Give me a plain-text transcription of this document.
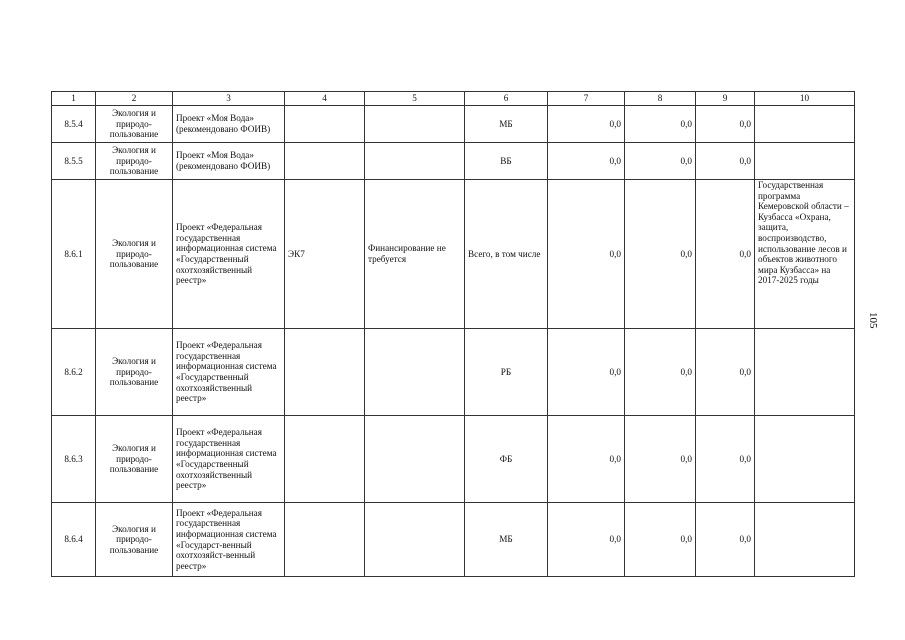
1	2	3	4	5	6	7	8	9	10
8.5.4	Экология и природо-пользование	Проект «Моя Вода» (рекомендовано ФОИВ)			МБ	0,0	0,0	0,0	
8.5.5	Экология и природо-пользование	Проект «Моя Вода» (рекомендовано ФОИВ)			ВБ	0,0	0,0	0,0	
8.6.1	Экология и природо-пользование	Проект «Федеральная государственная информационная система «Государственный охотхозяйственный реестр»	ЭК7	Финансирование не требуется	Всего, в том числе	0,0	0,0	0,0	Государственная программа Кемеровской области – Кузбасса «Охрана, защита, воспроизводство, использование лесов и объектов животного мира Кузбасса» на 2017-2025 годы
8.6.2	Экология и природо-пользование	Проект «Федеральная государственная информационная система «Государственный охотхозяйственный реестр»			РБ	0,0	0,0	0,0	
8.6.3	Экология и природо-пользование	Проект «Федеральная государственная информационная система «Государственный охотхозяйственный реестр»			ФБ	0,0	0,0	0,0	
8.6.4	Экология и природо-пользование	Проект «Федеральная государственная информационная система «Государст-венный охотхозяйст-венный реестр»			МБ	0,0	0,0	0,0	
105
